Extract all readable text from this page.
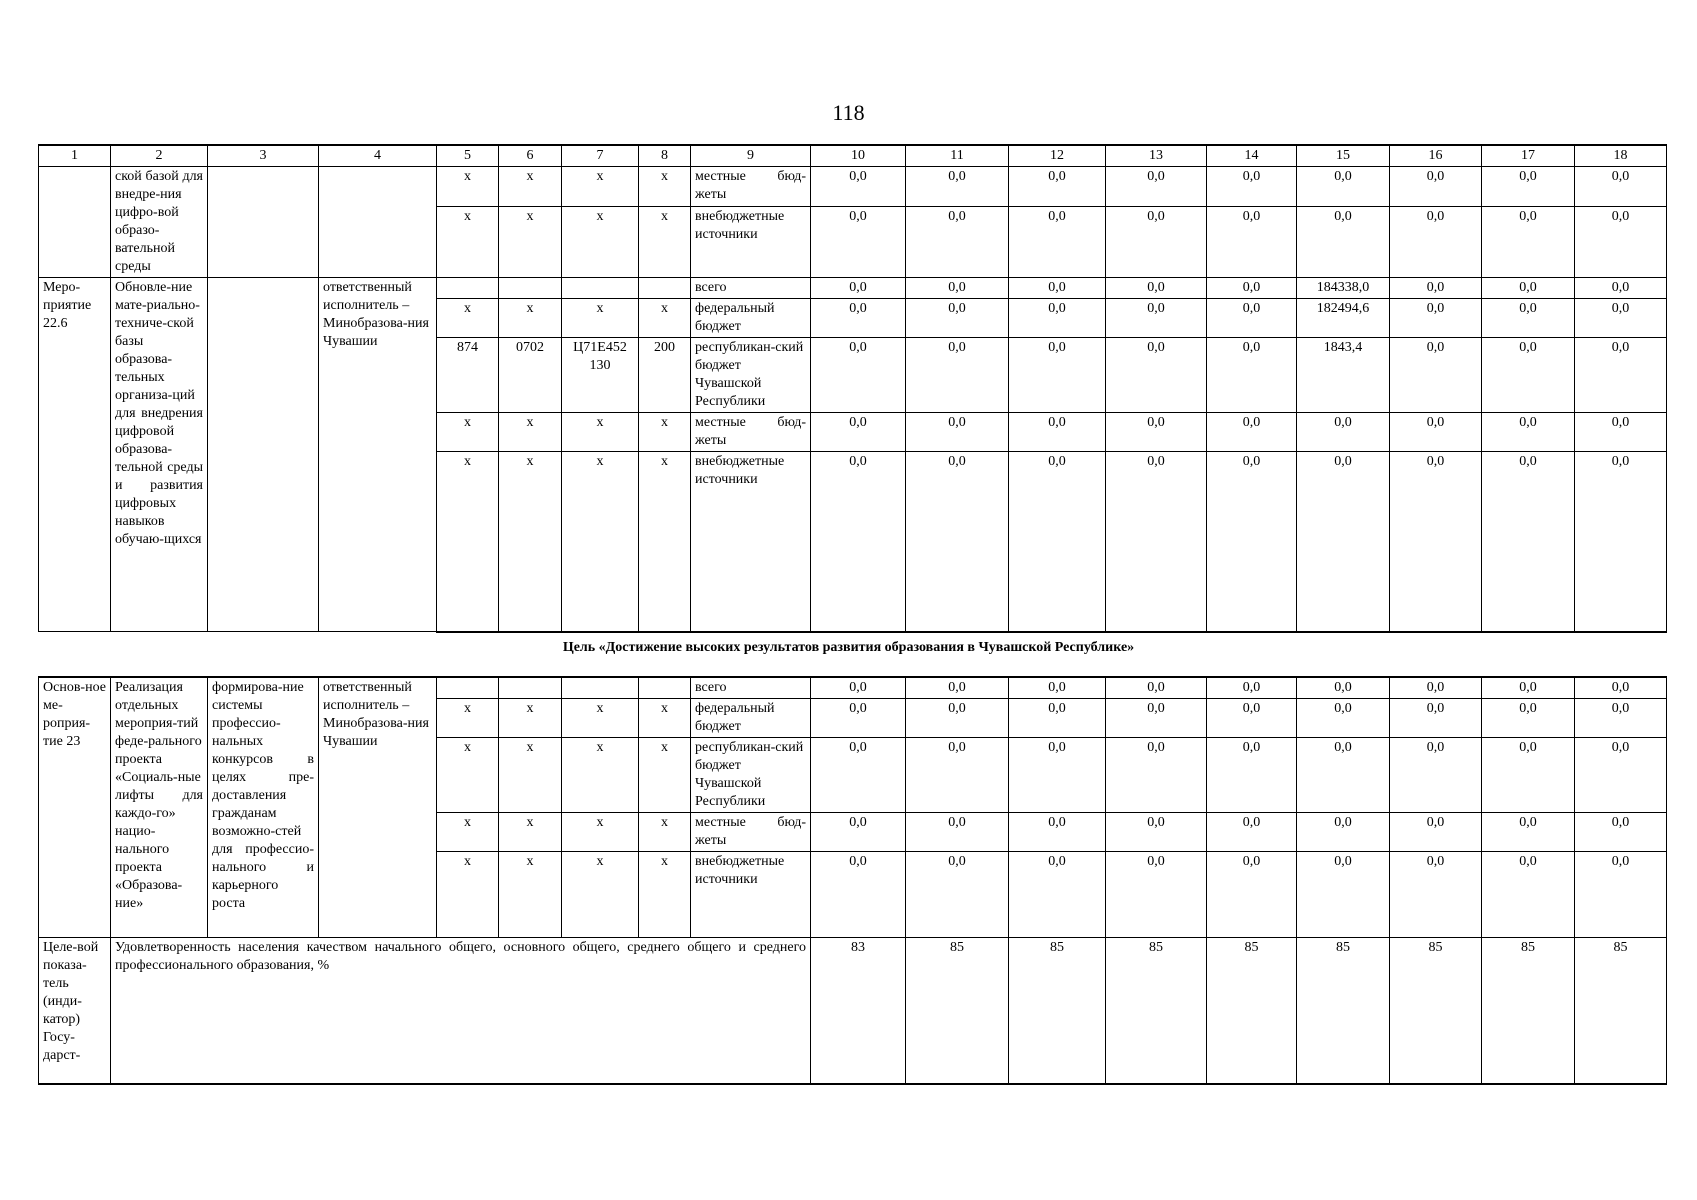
118
1	2	3	4	5	6	7	8	9	10	11	12	13	14	15	16	17	18
	ской базой для внедре-ния цифро-вой образо-вательной среды			x	x	x	x	местные бюд-жеты	0,0	0,0	0,0	0,0	0,0	0,0	0,0	0,0	0,0
				x	x	x	x	внебюджетные источники	0,0	0,0	0,0	0,0	0,0	0,0	0,0	0,0	0,0
Меро-приятие 22.6	Обновле-ние мате-риально-техниче-ской базы образова-тельных организа-ций для внедрения цифровой образова-тельной среды и развития цифровых навыков обучаю-щихся		ответственный исполнитель – Минобразова-ния Чувашии					всего	0,0	0,0	0,0	0,0	0,0	184338,0	0,0	0,0	0,0
				x	x	x	x	федеральный бюджет	0,0	0,0	0,0	0,0	0,0	182494,6	0,0	0,0	0,0
				874	0702	Ц71E452 130	200	республикан-ский бюджет Чувашской Республики	0,0	0,0	0,0	0,0	0,0	1843,4	0,0	0,0	0,0
				x	x	x	x	местные бюд-жеты	0,0	0,0	0,0	0,0	0,0	0,0	0,0	0,0	0,0
				x	x	x	x	внебюджетные источники	0,0	0,0	0,0	0,0	0,0	0,0	0,0	0,0	0,0
Цель «Достижение высоких результатов развития образования в Чувашской Республике»
Основ-ное ме-роприя-тие 23	Реализация отдельных мероприя-тий феде-рального проекта «Социаль-ные лифты для каждо-го» нацио-нального проекта «Образова-ние»	формирова-ние системы профессио-нальных конкурсов в целях пре-доставления гражданам возможно-стей для профессио-нального и карьерного роста	ответственный исполнитель – Минобразова-ния Чувашии					всего	0,0	0,0	0,0	0,0	0,0	0,0	0,0	0,0	0,0
				x	x	x	x	федеральный бюджет	0,0	0,0	0,0	0,0	0,0	0,0	0,0	0,0	0,0
				x	x	x	x	республикан-ский бюджет Чувашской Республики	0,0	0,0	0,0	0,0	0,0	0,0	0,0	0,0	0,0
				x	x	x	x	местные бюд-жеты	0,0	0,0	0,0	0,0	0,0	0,0	0,0	0,0	0,0
				x	x	x	x	внебюджетные источники	0,0	0,0	0,0	0,0	0,0	0,0	0,0	0,0	0,0
Целе-вой показа-тель (инди-катор) Госу-дарст-	Удовлетворенность населения качеством начального общего, основного общего, среднего общего и среднего профессионального образования, %								83	85	85	85	85	85	85	85	85
